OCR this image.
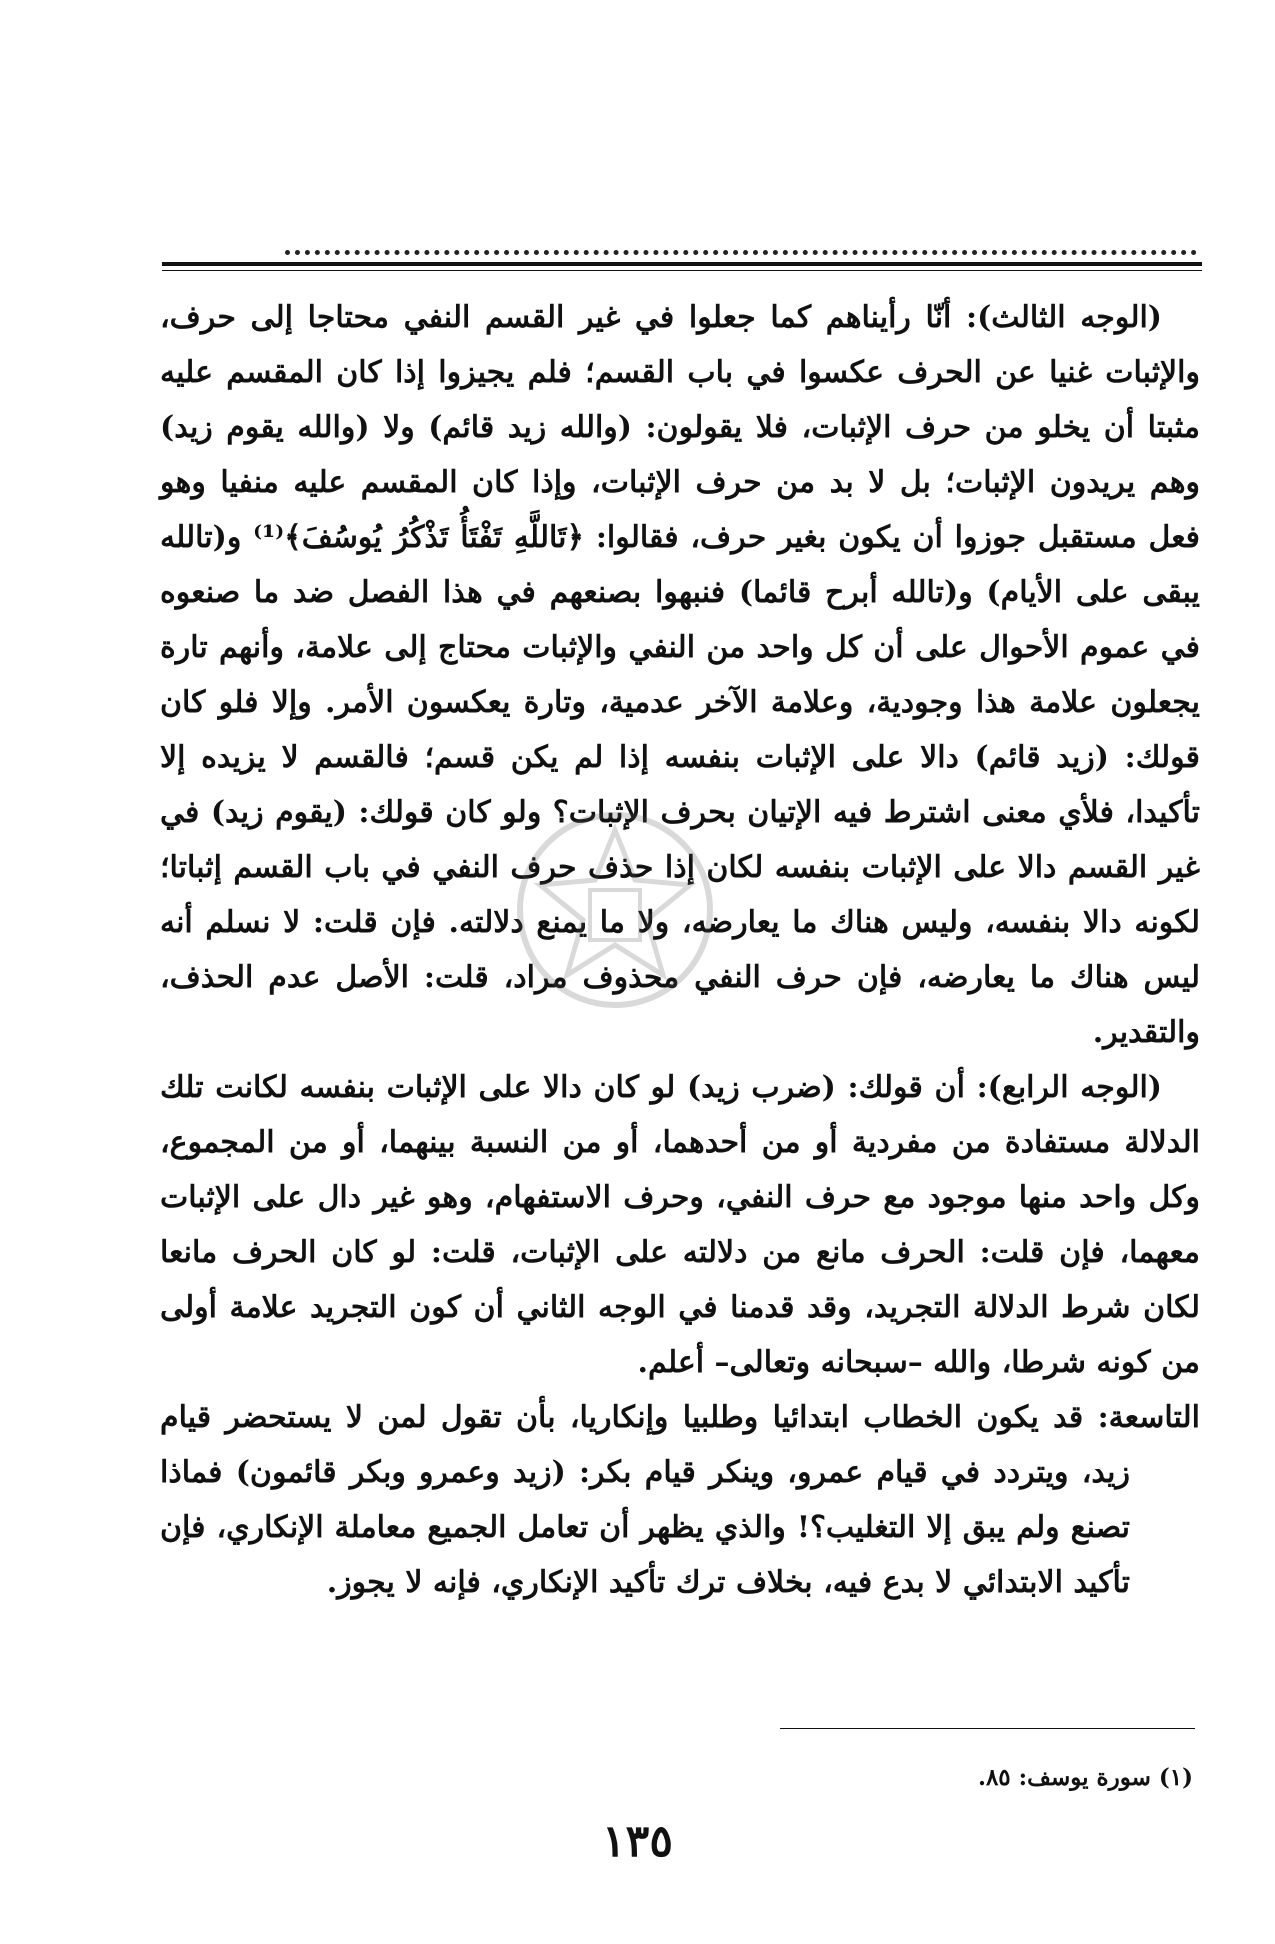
(الوجه الثالث): أنّا رأيناهم كما جعلوا في غير القسم النفي محتاجا إلى حرف، والإثبات غنيا عن الحرف عكسوا في باب القسم؛ فلم يجيزوا إذا كان المقسم عليه مثبتا أن يخلو من حرف الإثبات، فلا يقولون: (والله زيد قائم) ولا (والله يقوم زيد) وهم يريدون الإثبات؛ بل لا بد من حرف الإثبات، وإذا كان المقسم عليه منفيا وهو فعل مستقبل جوزوا أن يكون بغير حرف، فقالوا: ﴿تَاللَّهِ تَفْتَأُ تَذْكُرُ يُوسُفَ﴾⁽¹⁾ و(تالله يبقى على الأيام) و(تالله أبرح قائما) فنبهوا بصنعهم في هذا الفصل ضد ما صنعوه في عموم الأحوال على أن كل واحد من النفي والإثبات محتاج إلى علامة، وأنهم تارة يجعلون علامة هذا وجودية، وعلامة الآخر عدمية، وتارة يعكسون الأمر. وإلا فلو كان قولك: (زيد قائم) دالا على الإثبات بنفسه إذا لم يكن قسم؛ فالقسم لا يزيده إلا تأكيدا، فلأي معنى اشترط فيه الإتيان بحرف الإثبات؟ ولو كان قولك: (يقوم زيد) في غير القسم دالا على الإثبات بنفسه لكان إذا حذف حرف النفي في باب القسم إثباتا؛ لكونه دالا بنفسه، وليس هناك ما يعارضه، ولا ما يمنع دلالته. فإن قلت: لا نسلم أنه ليس هناك ما يعارضه، فإن حرف النفي محذوف مراد، قلت: الأصل عدم الحذف، والتقدير.

(الوجه الرابع): أن قولك: (ضرب زيد) لو كان دالا على الإثبات بنفسه لكانت تلك الدلالة مستفادة من مفردية أو من أحدهما، أو من النسبة بينهما، أو من المجموع، وكل واحد منها موجود مع حرف النفي، وحرف الاستفهام، وهو غير دال على الإثبات معهما، فإن قلت: الحرف مانع من دلالته على الإثبات، قلت: لو كان الحرف مانعا لكان شرط الدلالة التجريد، وقد قدمنا في الوجه الثاني أن كون التجريد علامة أولى من كونه شرطا، والله –سبحانه وتعالى– أعلم.

التاسعة: قد يكون الخطاب ابتدائيا وطلبيا وإنكاريا، بأن تقول لمن لا يستحضر قيام زيد، ويتردد في قيام عمرو، وينكر قيام بكر: (زيد وعمرو وبكر قائمون) فماذا تصنع ولم يبق إلا التغليب؟! والذي يظهر أن تعامل الجميع معاملة الإنكاري، فإن تأكيد الابتدائي لا بدع فيه، بخلاف ترك تأكيد الإنكاري، فإنه لا يجوز.

(١) سورة يوسف: ٨٥.
١٣٥
